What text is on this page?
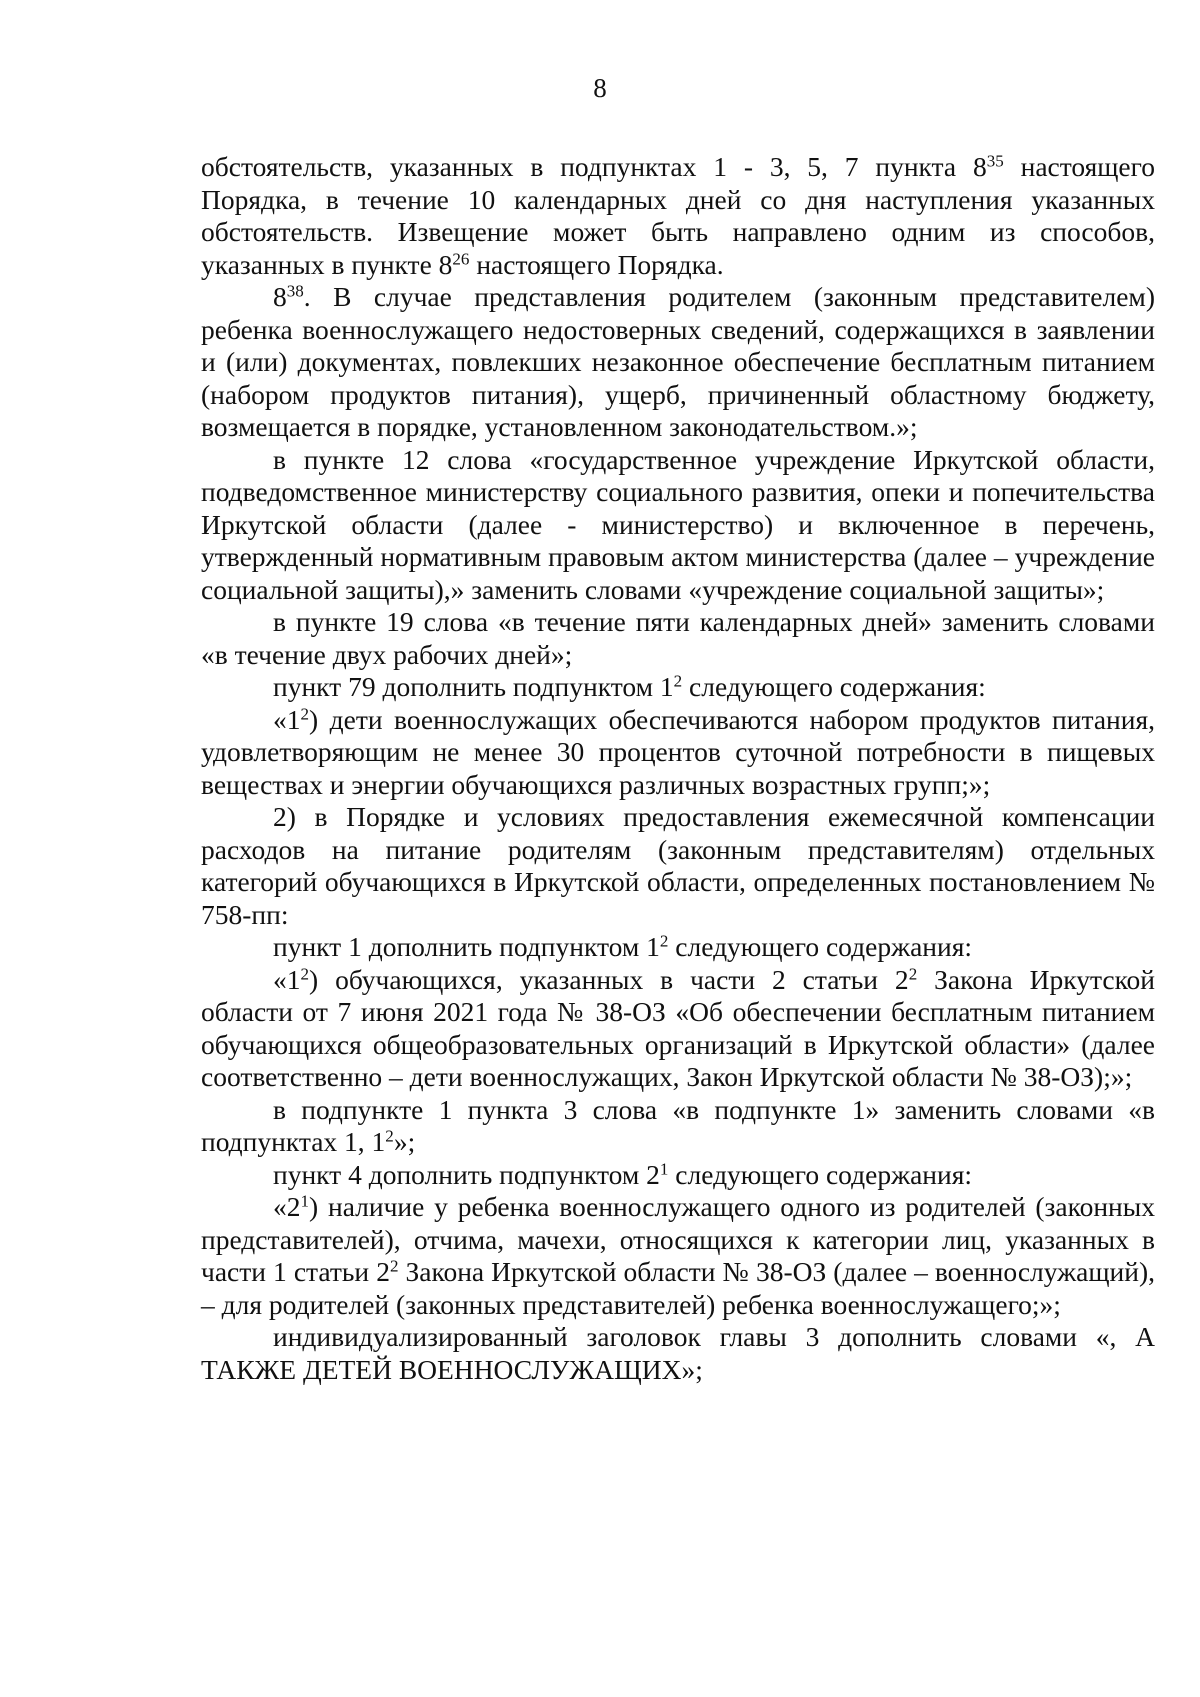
8

обстоятельств, указанных в подпунктах 1 - 3, 5, 7 пункта $8^{35}$ настоящего Порядка, в течение 10 календарных дней со дня наступления указанных обстоятельств. Извещение может быть направлено одним из способов, указанных в пункте $8^{26}$ настоящего Порядка.

$8^{38}$. В случае представления родителем (законным представителем) ребенка военнослужащего недостоверных сведений, содержащихся в заявлении и (или) документах, повлекших незаконное обеспечение бесплатным питанием (набором продуктов питания), ущерб, причиненный областному бюджету, возмещается в порядке, установленном законодательством.»;

в пункте 12 слова «государственное учреждение Иркутской области, подведомственное министерству социального развития, опеки и попечительства Иркутской области (далее - министерство) и включенное в перечень, утвержденный нормативным правовым актом министерства (далее – учреждение социальной защиты),» заменить словами «учреждение социальной защиты»;

в пункте 19 слова «в течение пяти календарных дней» заменить словами «в течение двух рабочих дней»;

пункт 79 дополнить подпунктом $1^2$ следующего содержания:

«$1^2$) дети военнослужащих обеспечиваются набором продуктов питания, удовлетворяющим не менее 30 процентов суточной потребности в пищевых веществах и энергии обучающихся различных возрастных групп;»;

2) в Порядке и условиях предоставления ежемесячной компенсации расходов на питание родителям (законным представителям) отдельных категорий обучающихся в Иркутской области, определенных постановлением № 758-пп:

пункт 1 дополнить подпунктом $1^2$ следующего содержания:

«$1^2$) обучающихся, указанных в части 2 статьи $2^2$ Закона Иркутской области от 7 июня 2021 года № 38-ОЗ «Об обеспечении бесплатным питанием обучающихся общеобразовательных организаций в Иркутской области» (далее соответственно – дети военнослужащих, Закон Иркутской области № 38-ОЗ);»;

в подпункте 1 пункта 3 слова «в подпункте 1» заменить словами «в подпунктах 1, $1^2$»;

пункт 4 дополнить подпунктом $2^1$ следующего содержания:

«$2^1$) наличие у ребенка военнослужащего одного из родителей (законных представителей), отчима, мачехи, относящихся к категории лиц, указанных в части 1 статьи $2^2$ Закона Иркутской области № 38-ОЗ (далее – военнослужащий), – для родителей (законных представителей) ребенка военнослужащего;»;

индивидуализированный заголовок главы 3 дополнить словами «, А ТАКЖЕ ДЕТЕЙ ВОЕННОСЛУЖАЩИХ»;
